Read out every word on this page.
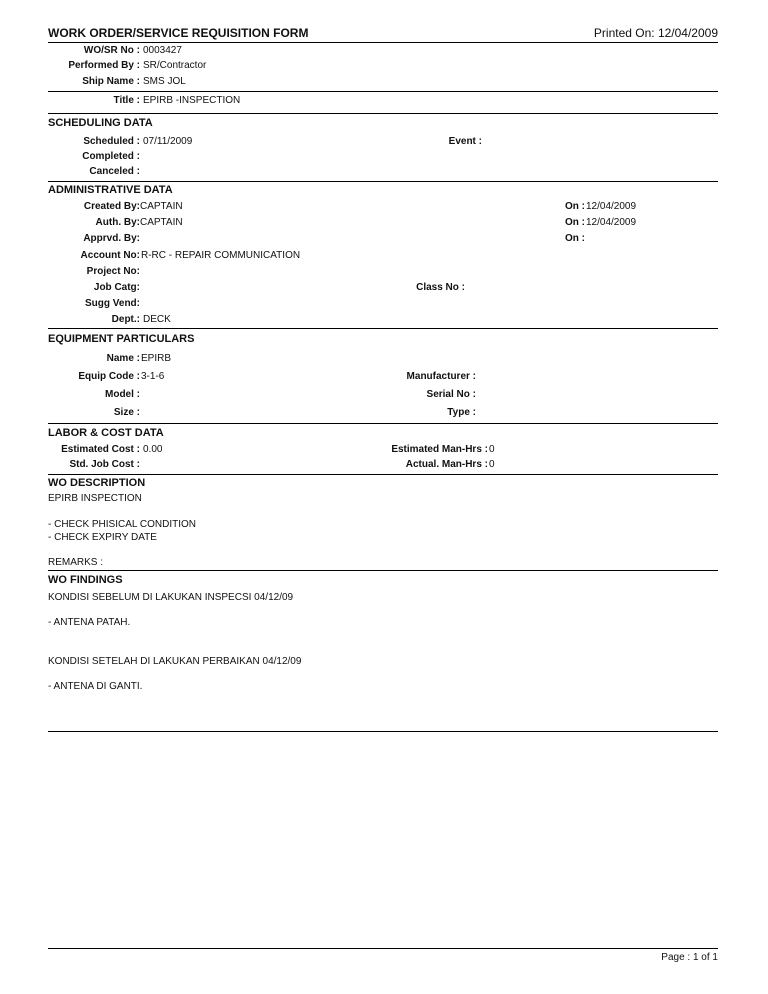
WORK ORDER/SERVICE REQUISITION FORM	Printed On: 12/04/2009
WO/SR No : 0003427
Performed By : SR/Contractor
Ship Name : SMS JOL
Title : EPIRB -INSPECTION
SCHEDULING DATA
Scheduled : 07/11/2009	Event :
Completed :
Canceled :
ADMINISTRATIVE DATA
Created By: CAPTAIN	On : 12/04/2009
Auth. By: CAPTAIN	On : 12/04/2009
Apprvd. By:	On :
Account No: R-RC - REPAIR COMMUNICATION
Project No:
Job Catg:	Class No :
Sugg Vend:
Dept.: DECK
EQUIPMENT PARTICULARS
Name : EPIRB
Equip Code : 3-1-6	Manufacturer :
Model :	Serial No :
Size :	Type :
LABOR & COST DATA
Estimated Cost : 0.00	Estimated Man-Hrs : 0
Std. Job Cost :	Actual. Man-Hrs : 0
WO DESCRIPTION
EPIRB INSPECTION
- CHECK PHISICAL CONDITION
- CHECK EXPIRY DATE
REMARKS :
WO FINDINGS
KONDISI SEBELUM DI LAKUKAN INSPECSI 04/12/09
- ANTENA PATAH.
KONDISI SETELAH DI LAKUKAN PERBAIKAN 04/12/09
- ANTENA DI GANTI.
Page : 1 of 1
